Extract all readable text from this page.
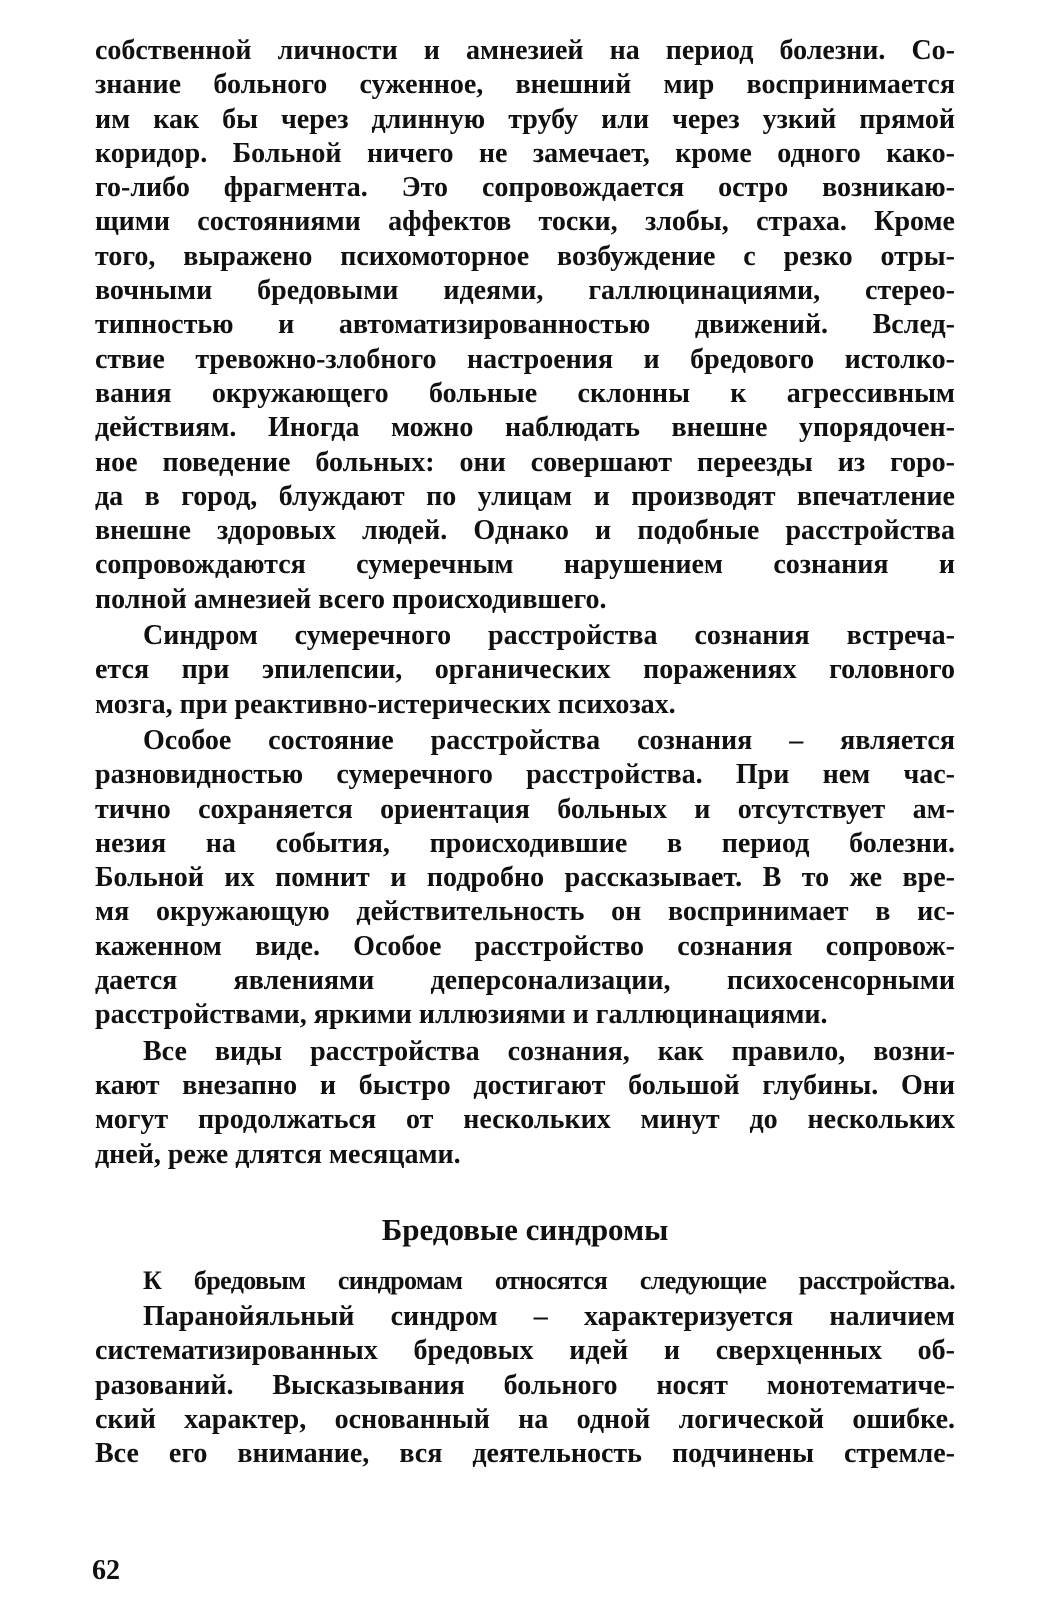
собственной личности и амнезией на период болезни. Со-
знание больного суженное, внешний мир воспринимается
им как бы через длинную трубу или через узкий прямой
коридор. Больной ничего не замечает, кроме одного како-
го-либо фрагмента. Это сопровождается остро возникаю-
щими состояниями аффектов тоски, злобы, страха. Кроме
того, выражено психомоторное возбуждение с резко отры-
вочными бредовыми идеями, галлюцинациями, стерео-
типностью и автоматизированностью движений. Вслед-
ствие тревожно-злобного настроения и бредового истолко-
вания окружающего больные склонны к агрессивным
действиям. Иногда можно наблюдать внешне упорядочен-
ное поведение больных: они совершают переезды из горо-
да в город, блуждают по улицам и производят впечатление
внешне здоровых людей. Однако и подобные расстройства
сопровождаются сумеречным нарушением сознания и
полной амнезией всего происходившего.
Синдром сумеречного расстройства сознания встреча-
ется при эпилепсии, органических поражениях головного
мозга, при реактивно-истерических психозах.
Особое состояние расстройства сознания – является
разновидностью сумеречного расстройства. При нем час-
тично сохраняется ориентация больных и отсутствует ам-
незия на события, происходившие в период болезни.
Больной их помнит и подробно рассказывает. В то же вре-
мя окружающую действительность он воспринимает в ис-
каженном виде. Особое расстройство сознания сопровож-
дается явлениями деперсонализации, психосенсорными
расстройствами, яркими иллюзиями и галлюцинациями.
Все виды расстройства сознания, как правило, возни-
кают внезапно и быстро достигают большой глубины. Они
могут продолжаться от нескольких минут до нескольких
дней, реже длятся месяцами.
Бредовые синдромы
К бредовым синдромам относятся следующие расстройства.
Паранойяльный синдром – характеризуется наличием
систематизированных бредовых идей и сверхценных об-
разований. Высказывания больного носят монотематиче-
ский характер, основанный на одной логической ошибке.
Все его внимание, вся деятельность подчинены стремле-
62
